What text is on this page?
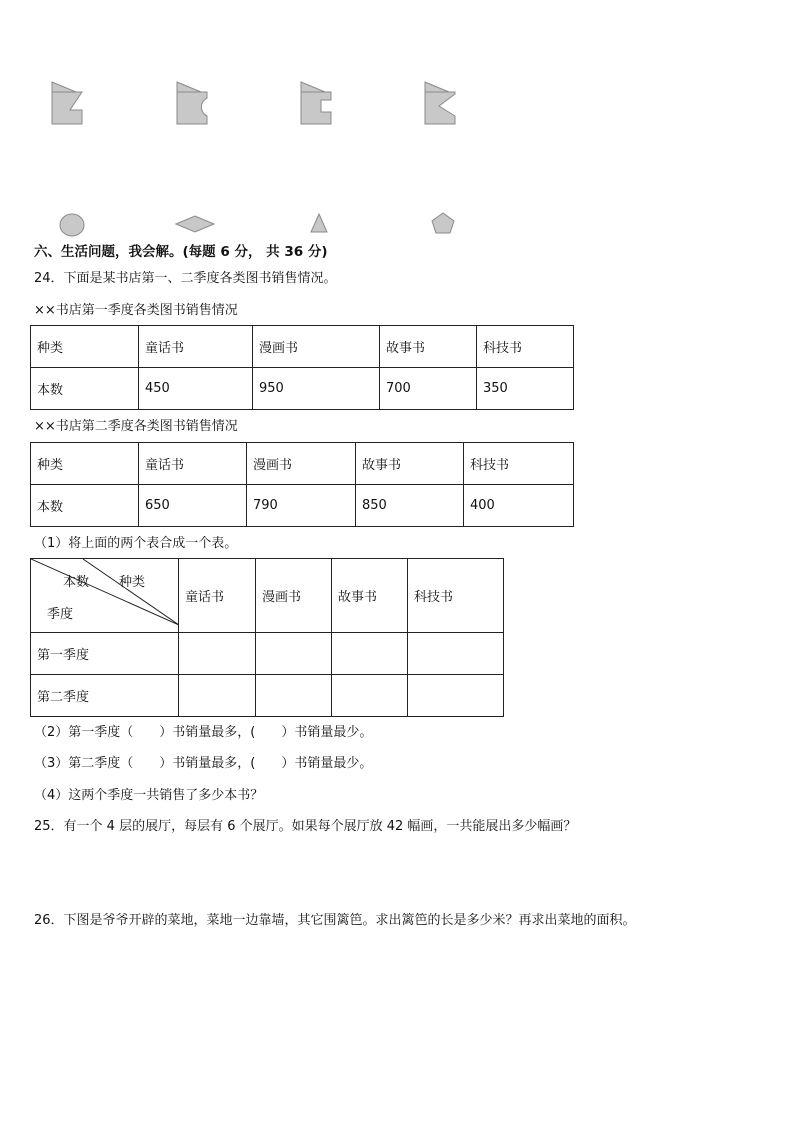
六、生活问题，我会解。(每题 6 分， 共 36 分)
24．下面是某书店第一、二季度各类图书销售情况。
××书店第一季度各类图书销售情况
种类	童话书	漫画书	故事书	科技书
本数	450	950	700	350
××书店第二季度各类图书销售情况
种类	童话书	漫画书	故事书	科技书
本数	650	790	850	400
（1）将上面的两个表合成一个表。
本数 种类
季度	童话书	漫画书	故事书	科技书
第一季度				
第二季度				
（2）第一季度（　　）书销量最多，(　　）书销量最少。
（3）第二季度（　　）书销量最多，(　　）书销量最少。
（4）这两个季度一共销售了多少本书？
25．有一个 4 层的展厅，每层有 6 个展厅。如果每个展厅放 42 幅画，一共能展出多少幅画？
26．下图是爷爷开辟的菜地，菜地一边靠墙，其它围篱笆。求出篱笆的长是多少米？再求出菜地的面积。
